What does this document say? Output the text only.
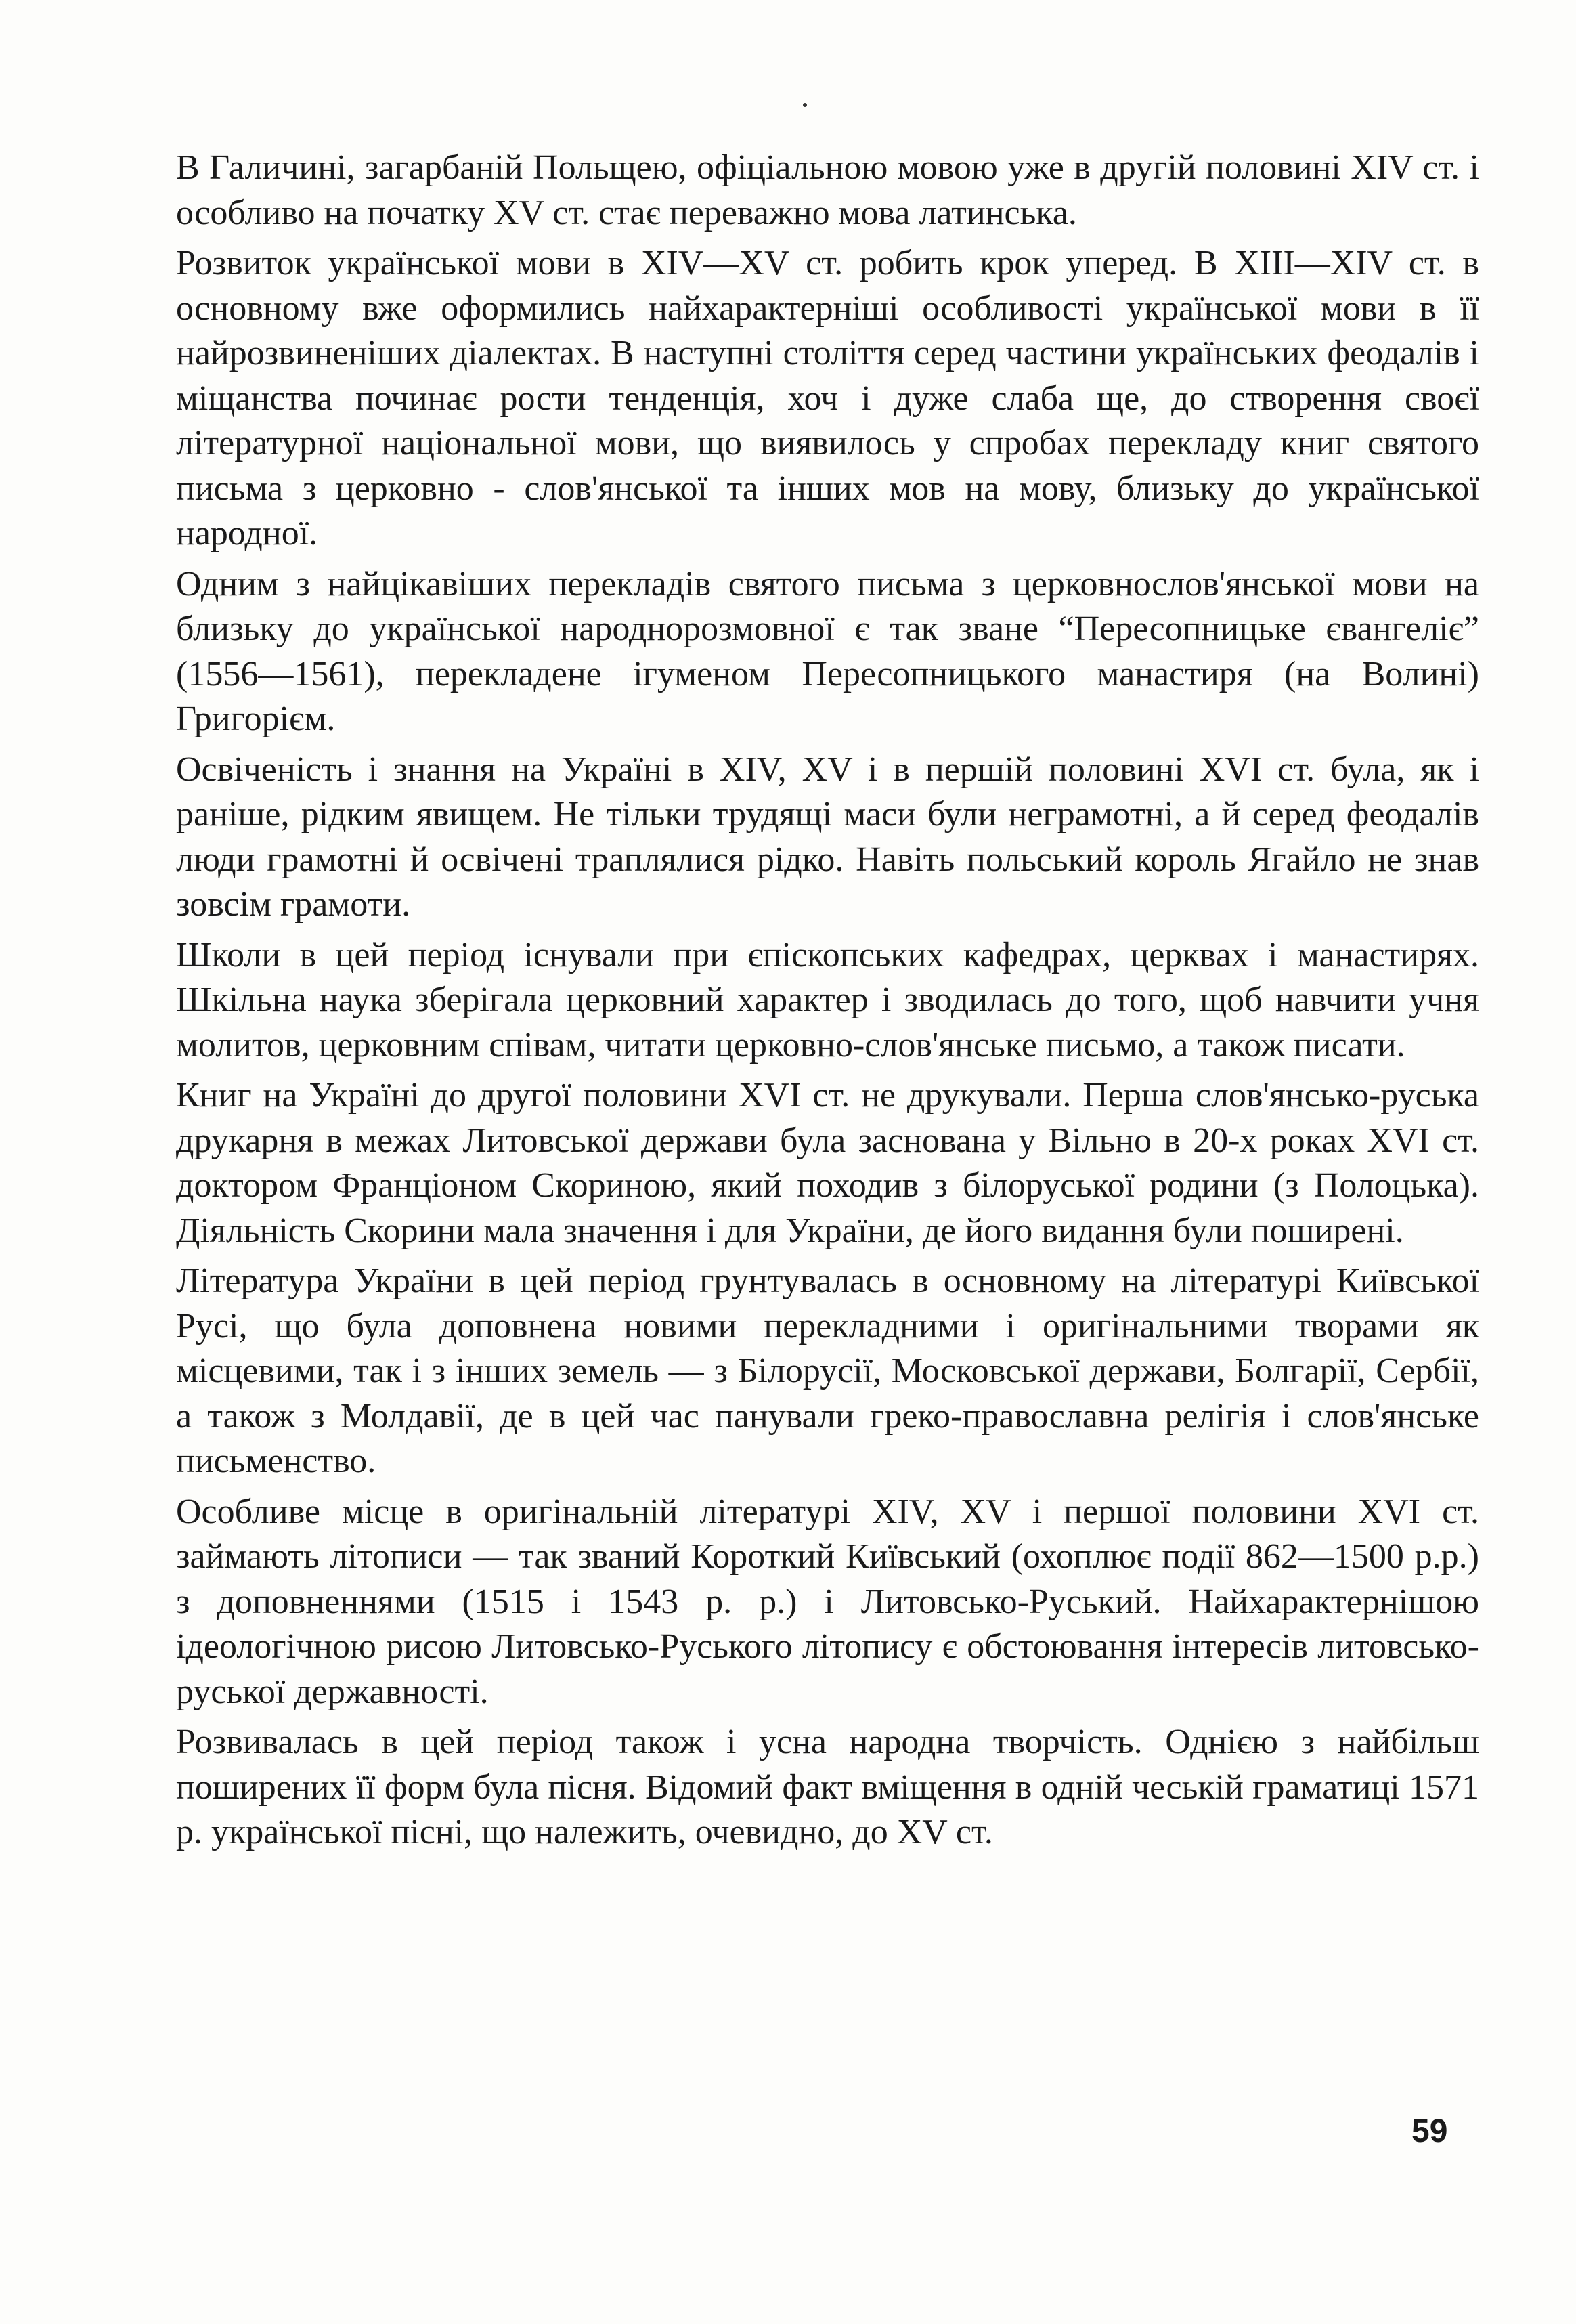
В Галичині, загарбаній Польщею, офіціальною мовою уже в другій половині XIV ст. і особливо на початку XV ст. стає переважно мова латинська.

Розвиток української мови в XIV—XV ст. робить крок уперед. В XIII—XIV ст. в основному вже оформились найхарактерніші особливості української мови в її найрозвиненіших діалектах. В наступні століття серед частини українських феодалів і міщанства починає рости тенденція, хоч і дуже слаба ще, до створення своєї літературної національної мови, що виявилось у спробах перекладу книг святого письма з церковно - слов'янської та інших мов на мову, близьку до української народної.

Одним з найцікавіших перекладів святого письма з церковнослов'янської мови на близьку до української народнорозмовної є так зване “Пересопницьке євангеліє” (1556—1561), перекладене ігуменом Пересопницького манастиря (на Волині) Григорієм.

Освіченість і знання на Україні в XIV, XV і в першій половині XVI ст. була, як і раніше, рідким явищем. Не тільки трудящі маси були неграмотні, а й серед феодалів люди грамотні й освічені траплялися рідко. Навіть польський король Ягайло не знав зовсім грамоти.

Школи в цей період існували при єпіскопських кафедрах, церквах і манастирях. Шкільна наука зберігала церковний характер і зводилась до того, щоб навчити учня молитов, церковним співам, читати церковно-слов'янське письмо, а також писати.

Книг на Україні до другої половини XVI ст. не друкували. Перша слов'янсько-руська друкарня в межах Литовської держави була заснована у Вільно в 20-х роках XVI ст. доктором Франціоном Скориною, який походив з білоруської родини (з Полоцька). Діяльність Скорини мала значення і для України, де його видання були поширені.

Література України в цей період грунтувалась в основному на літературі Київської Русі, що була доповнена новими перекладними і оригінальними творами як місцевими, так і з інших земель — з Білорусії, Московської держави, Болгарії, Сербії, а також з Молдавії, де в цей час панували греко-православна релігія і слов'янське письменство.

Особливе місце в оригінальній літературі XIV, XV і першої половини XVI ст. займають літописи — так званий Короткий Київський (охоплює події 862—1500 р.р.) з доповненнями (1515 і 1543 р. р.) і Литовсько-Руський. Найхарактернішою ідеологічною рисою Литовсько-Руського літопису є обстоювання інтересів литовсько-руської державності.

Розвивалась в цей період також і усна народна творчість. Однією з найбільш поширених її форм була пісня. Відомий факт вміщення в одній чеській граматиці 1571 р. української пісні, що належить, очевидно, до XV ст.

59
